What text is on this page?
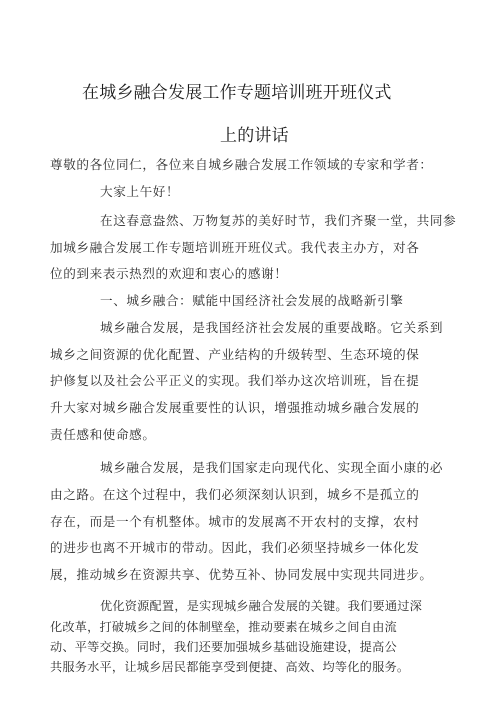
在城乡融合发展工作专题培训班开班仪式
上的讲话
尊敬的各位同仁，各位来自城乡融合发展工作领域的专家和学者：
大家上午好！
在这春意盎然、万物复苏的美好时节，我们齐聚一堂，共同参
加城乡融合发展工作专题培训班开班仪式。我代表主办方，对各
位的到来表示热烈的欢迎和衷心的感谢！
一、城乡融合：赋能中国经济社会发展的战略新引擎
城乡融合发展，是我国经济社会发展的重要战略。它关系到
城乡之间资源的优化配置、产业结构的升级转型、生态环境的保
护修复以及社会公平正义的实现。我们举办这次培训班，旨在提
升大家对城乡融合发展重要性的认识，增强推动城乡融合发展的
责任感和使命感。
城乡融合发展，是我们国家走向现代化、实现全面小康的必
由之路。在这个过程中，我们必须深刻认识到，城乡不是孤立的
存在，而是一个有机整体。城市的发展离不开农村的支撑，农村
的进步也离不开城市的带动。因此，我们必须坚持城乡一体化发
展，推动城乡在资源共享、优势互补、协同发展中实现共同进步。
优化资源配置，是实现城乡融合发展的关键。我们要通过深
化改革，打破城乡之间的体制壁垒，推动要素在城乡之间自由流
动、平等交换。同时，我们还要加强城乡基础设施建设，提高公
共服务水平，让城乡居民都能享受到便捷、高效、均等化的服务。
